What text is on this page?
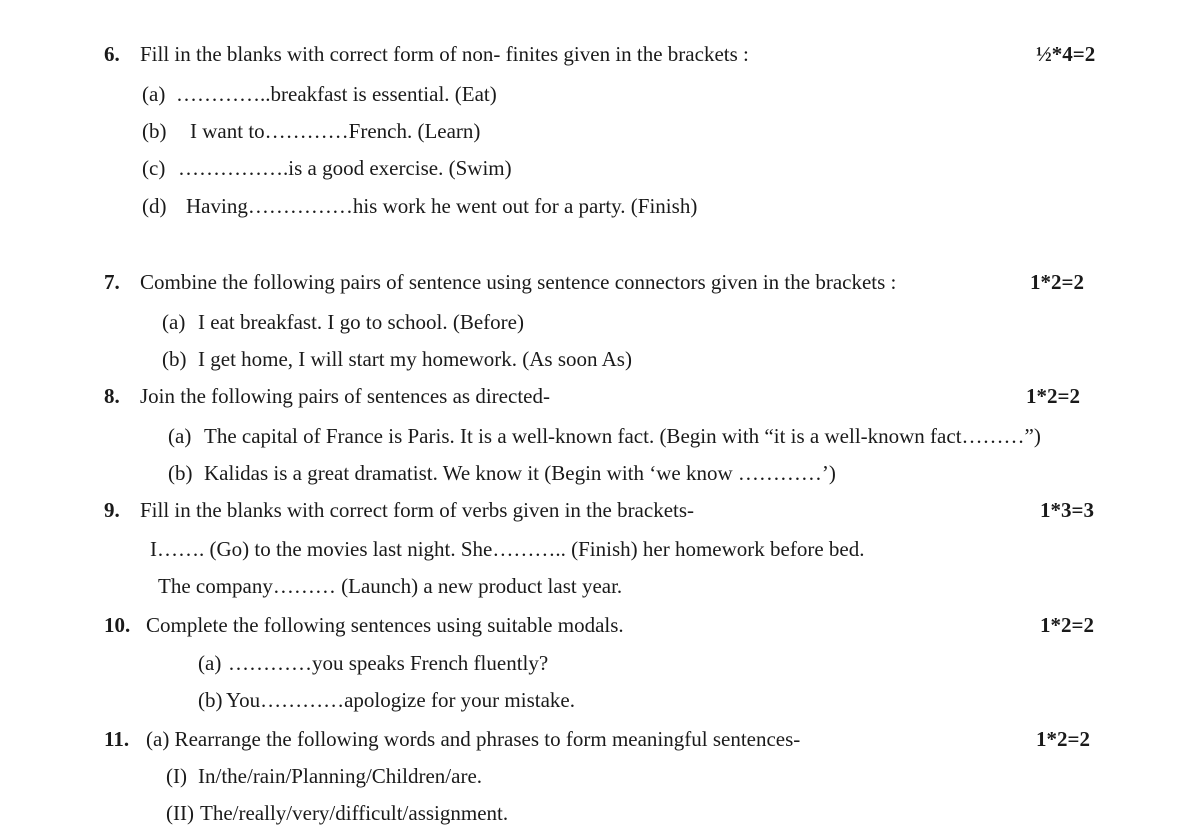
6. Fill in the blanks with correct form of non- finites given in the brackets :	½*4=2
(a) …………..breakfast is essential. (Eat)
(b) I want to…………French. (Learn)
(c) …………….is a good exercise. (Swim)
(d) Having……………his work he went out for a party. (Finish)
7. Combine the following pairs of sentence using sentence connectors given in the brackets :	1*2=2
(a) I eat breakfast. I go to school. (Before)
(b) I get home, I will start my homework. (As soon As)
8. Join the following pairs of sentences as directed-	1*2=2
(a) The capital of France is Paris. It is a well-known fact. (Begin with “it is a well-known fact………”)
(b) Kalidas is a great dramatist. We know it (Begin with ‘we know …………’)
9. Fill in the blanks with correct form of verbs given in the brackets-	1*3=3
I……. (Go) to the movies last night. She……….. (Finish) her homework before bed.
The company……… (Launch) a new product last year.
10. Complete the following sentences using suitable modals.	1*2=2
(a) …………you speaks French fluently?
(b) You…………apologize for your mistake.
11. (a) Rearrange the following words and phrases to form meaningful sentences-	1*2=2
(I) In/the/rain/Planning/Children/are.
(II) The/really/very/difficult/assignment.
